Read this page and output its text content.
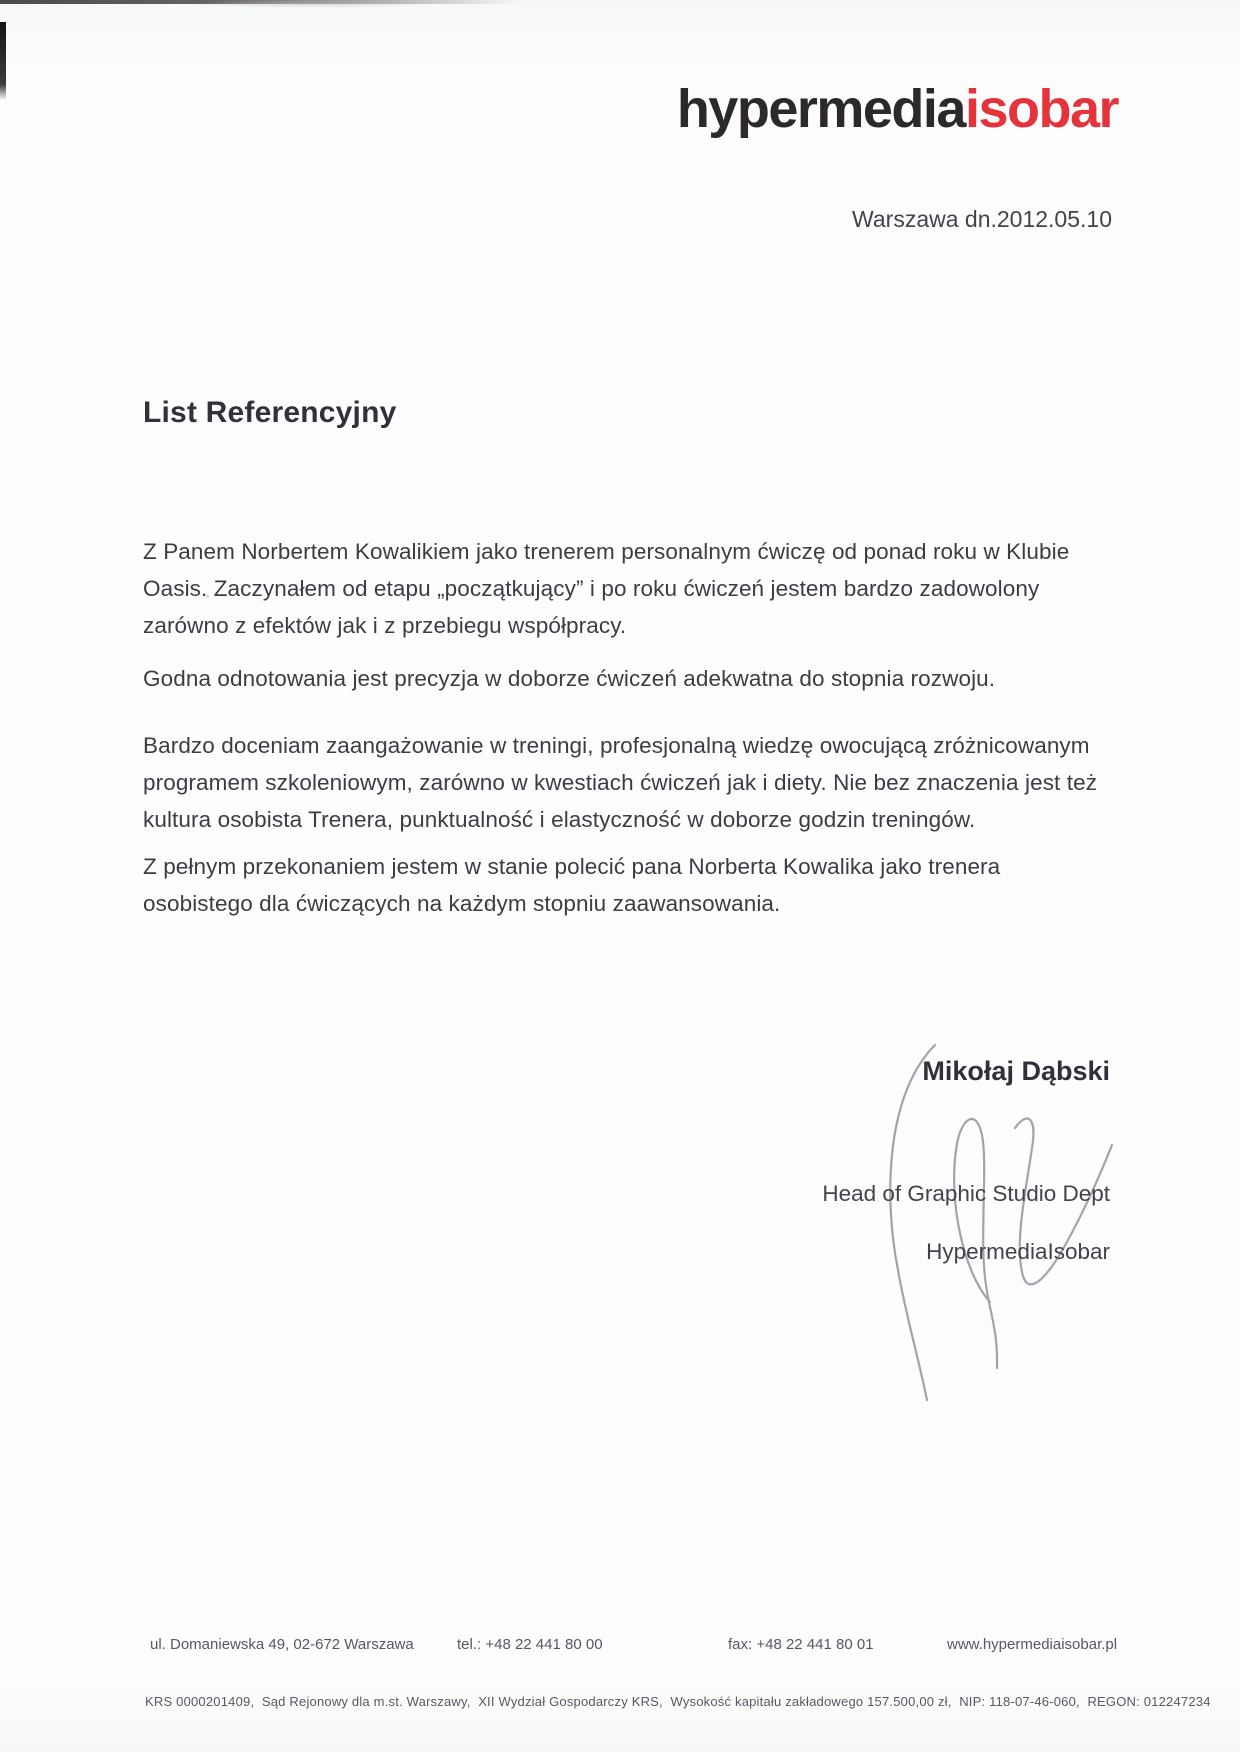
hypermediaisobar
Warszawa dn.2012.05.10
List Referencyjny
Z Panem Norbertem Kowalikiem jako trenerem personalnym ćwiczę od ponad roku w Klubie Oasis. Zaczynałem od etapu „początkujący” i po roku ćwiczeń jestem bardzo zadowolony zarówno z efektów jak i z przebiegu współpracy.
Godna odnotowania jest precyzja w doborze ćwiczeń adekwatna do stopnia rozwoju.
Bardzo doceniam zaangażowanie w treningi, profesjonalną wiedzę owocującą zróżnicowanym programem szkoleniowym, zarówno w kwestiach ćwiczeń jak i diety. Nie bez znaczenia jest też kultura osobista Trenera, punktualność i elastyczność w doborze godzin treningów.
Z pełnym przekonaniem jestem w stanie polecić pana Norberta Kowalika jako trenera osobistego dla ćwiczących na każdym stopniu zaawansowania.
Mikołaj Dąbski
Head of Graphic Studio Dept
HypermediaIsobar
ul. Domaniewska 49, 02-672 Warszawa	tel.: +48 22 441 80 00	fax: +48 22 441 80 01	www.hypermediaisobar.pl
KRS 0000201409,  Sąd Rejonowy dla m.st. Warszawy,  XII Wydział Gospodarczy KRS,  Wysokość kapitału zakładowego 157.500,00 zł,  NIP: 118-07-46-060,  REGON: 012247234
